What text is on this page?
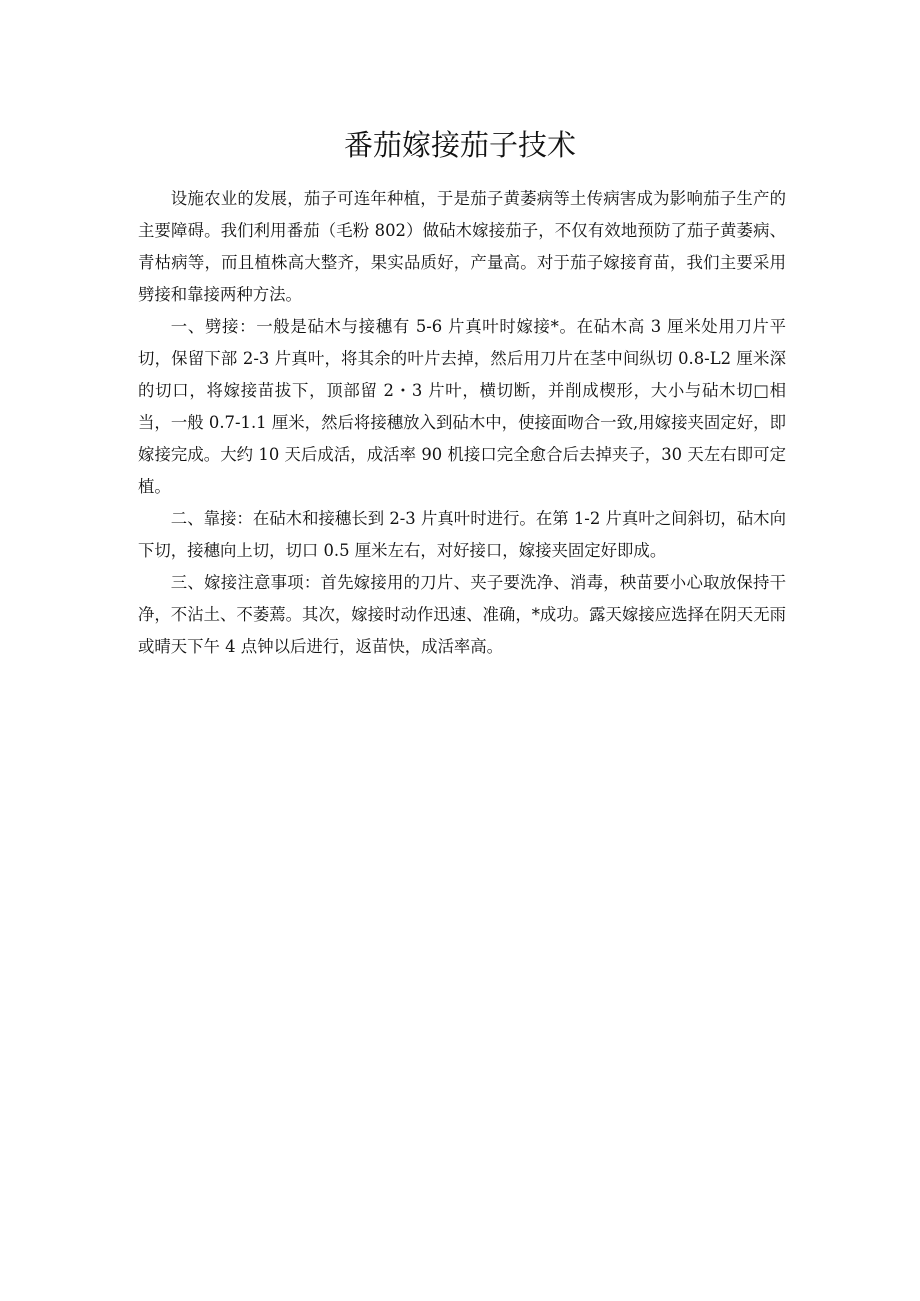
番茄嫁接茄子技术

设施农业的发展，茄子可连年种植，于是茄子黄萎病等土传病害成为影响茄子生产的主要障碍。我们利用番茄（毛粉 802）做砧木嫁接茄子，不仅有效地预防了茄子黄萎病、青枯病等，而且植株高大整齐，果实品质好，产量高。对于茄子嫁接育苗，我们主要采用劈接和靠接两种方法。

一、劈接：一般是砧木与接穗有 5-6 片真叶时嫁接*。在砧木高 3 厘米处用刀片平切，保留下部 2-3 片真叶，将其余的叶片去掉，然后用刀片在茎中间纵切 0.8-L2 厘米深的切口，将嫁接苗拔下，顶部留 2・3 片叶，横切断，并削成楔形，大小与砧木切□相当，一般 0.7-1.1 厘米，然后将接穗放入到砧木中，使接面吻合一致,用嫁接夹固定好，即嫁接完成。大约 10 天后成活，成活率 90 机接口完全愈合后去掉夹子，30 天左右即可定植。

二、靠接：在砧木和接穗长到 2-3 片真叶时进行。在第 1-2 片真叶之间斜切，砧木向下切，接穗向上切，切口 0.5 厘米左右，对好接口，嫁接夹固定好即成。

三、嫁接注意事项：首先嫁接用的刀片、夹子要洗净、消毒，秧苗要小心取放保持干净，不沾土、不萎蔫。其次，嫁接时动作迅速、准确，*成功。露天嫁接应选择在阴天无雨或晴天下午 4 点钟以后进行，返苗快，成活率高。
